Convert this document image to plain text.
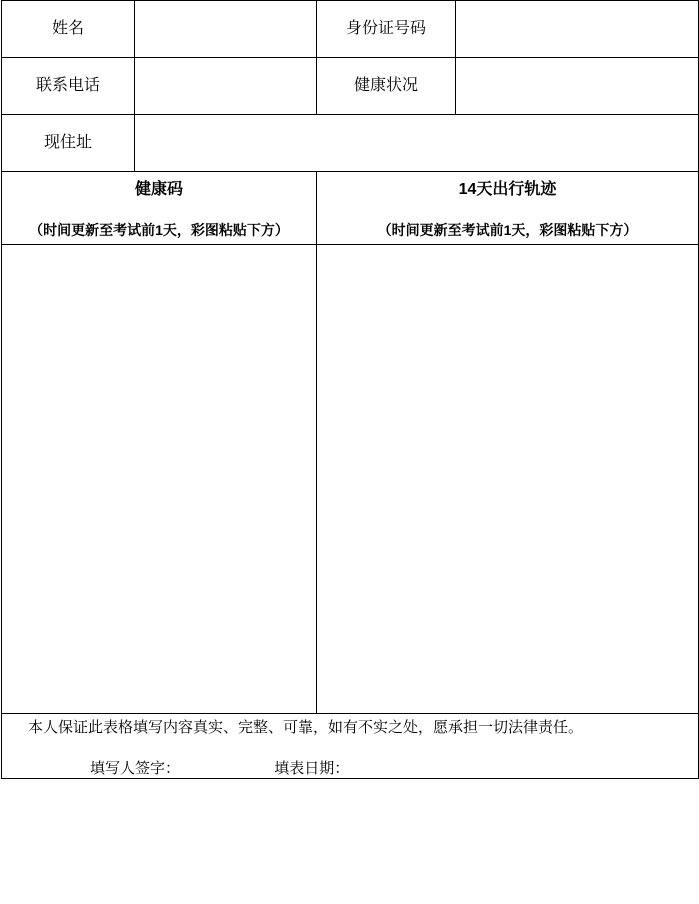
姓名		身份证号码	
联系电话		健康状况	
现住址			

健康码
（时间更新至考试前1天，彩图粘贴下方）

14天出行轨迹
（时间更新至考试前1天，彩图粘贴下方）

本人保证此表格填写内容真实、完整、可靠，如有不实之处，愿承担一切法律责任。
填写人签字： 填表日期：			
